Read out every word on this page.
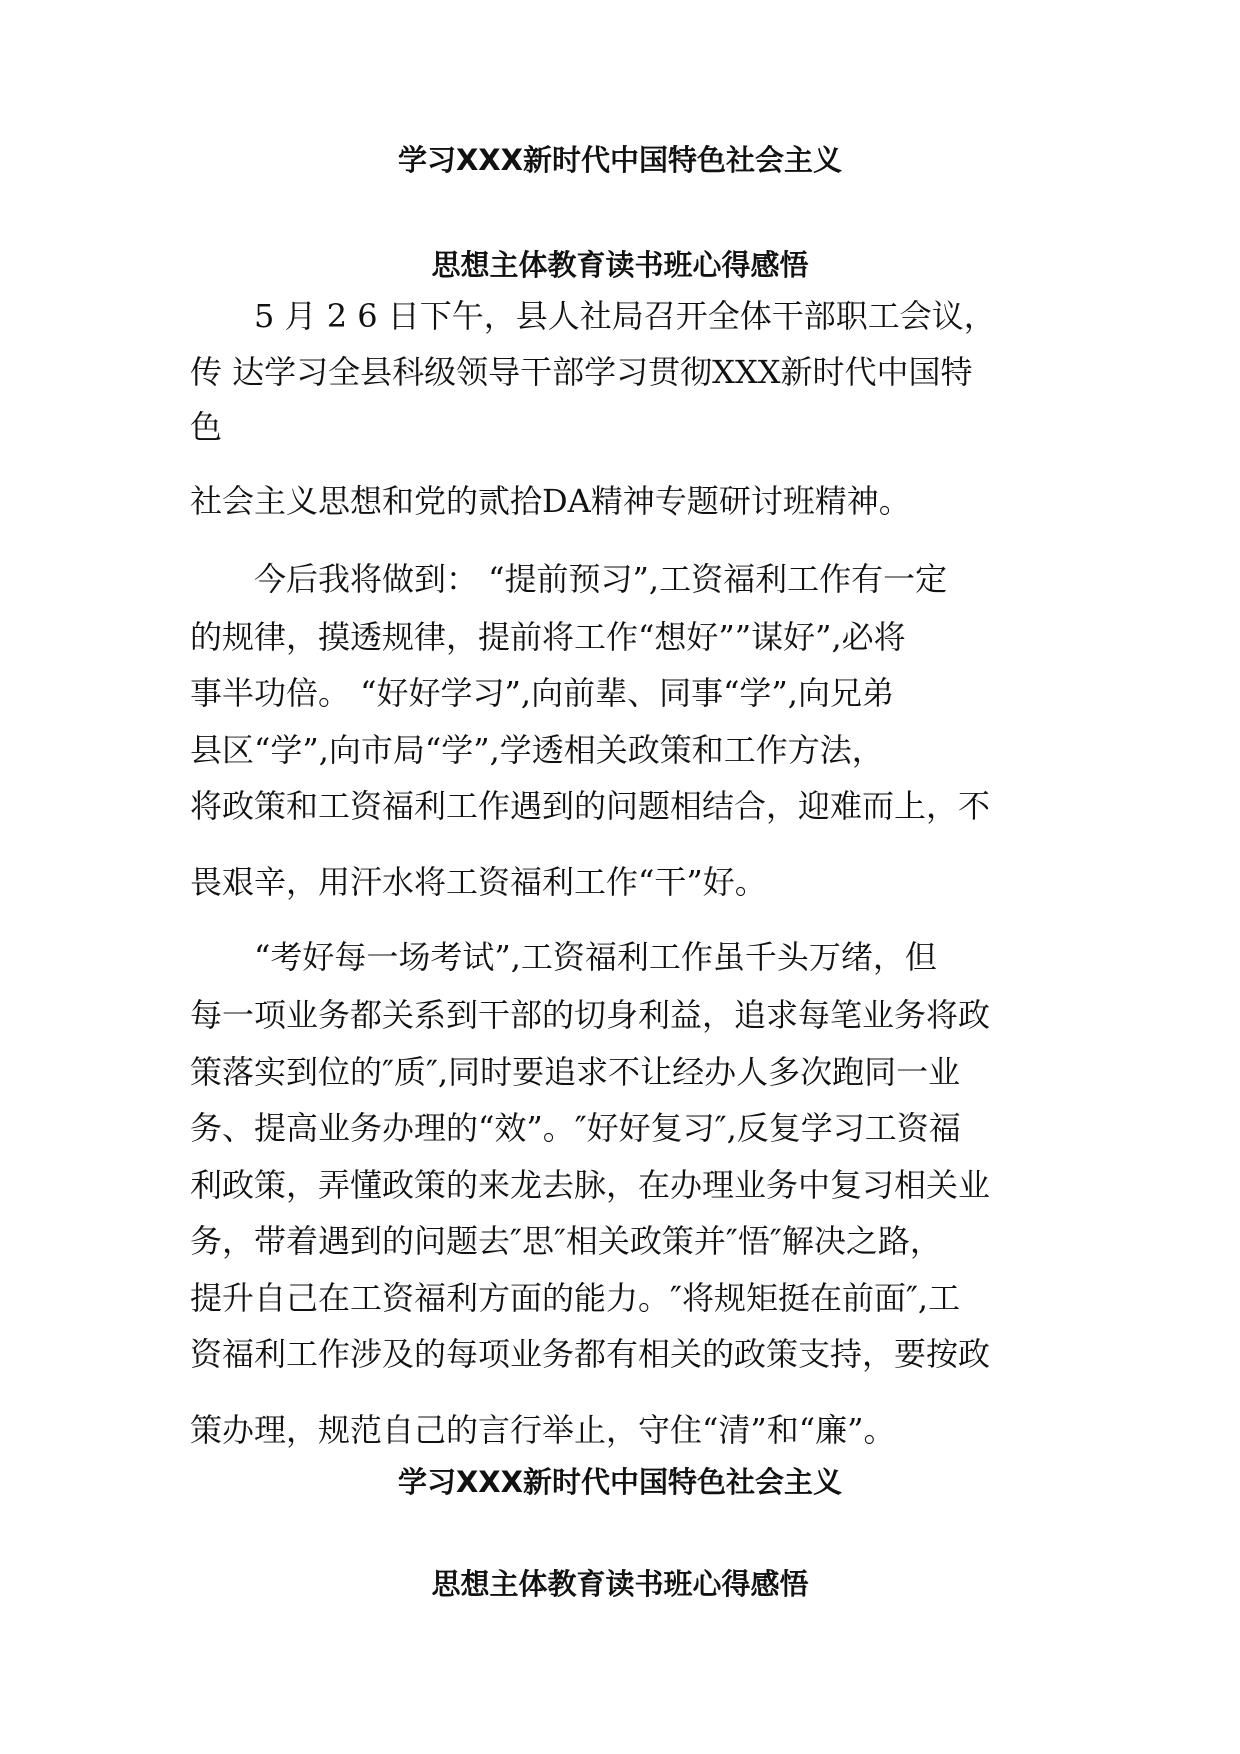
学习XXX新时代中国特色社会主义
思想主体教育读书班心得感悟

5 月 2 6 日下午，县人社局召开全体干部职工会议，

传 达学习全县科级领导干部学习贯彻XXX新时代中国特

色

社会主义思想和党的贰拾DA精神专题研讨班精神。

今后我将做到： “提前预习”,工资福利工作有一定

的规律，摸透规律，提前将工作“想好””谋好”,必将

事半功倍。 “好好学习”,向前辈、同事“学”,向兄弟

县区“学”,向市局“学”,学透相关政策和工作方法，

将政策和工资福利工作遇到的问题相结合，迎难而上，不

畏艰辛，用汗水将工资福利工作“干”好。

“考好每一场考试”,工资福利工作虽千头万绪，但

每一项业务都关系到干部的切身利益，追求每笔业务将政

策落实到位的″质″,同时要追求不让经办人多次跑同一业

务、提高业务办理的“效”。″好好复习″,反复学习工资福

利政策，弄懂政策的来龙去脉，在办理业务中复习相关业

务，带着遇到的问题去″思″相关政策并″悟″解决之路，

提升自己在工资福利方面的能力。″将规矩挺在前面″,工

资福利工作涉及的每项业务都有相关的政策支持，要按政

策办理，规范自己的言行举止，守住“清”和“廉”。

学习XXX新时代中国特色社会主义
思想主体教育读书班心得感悟
